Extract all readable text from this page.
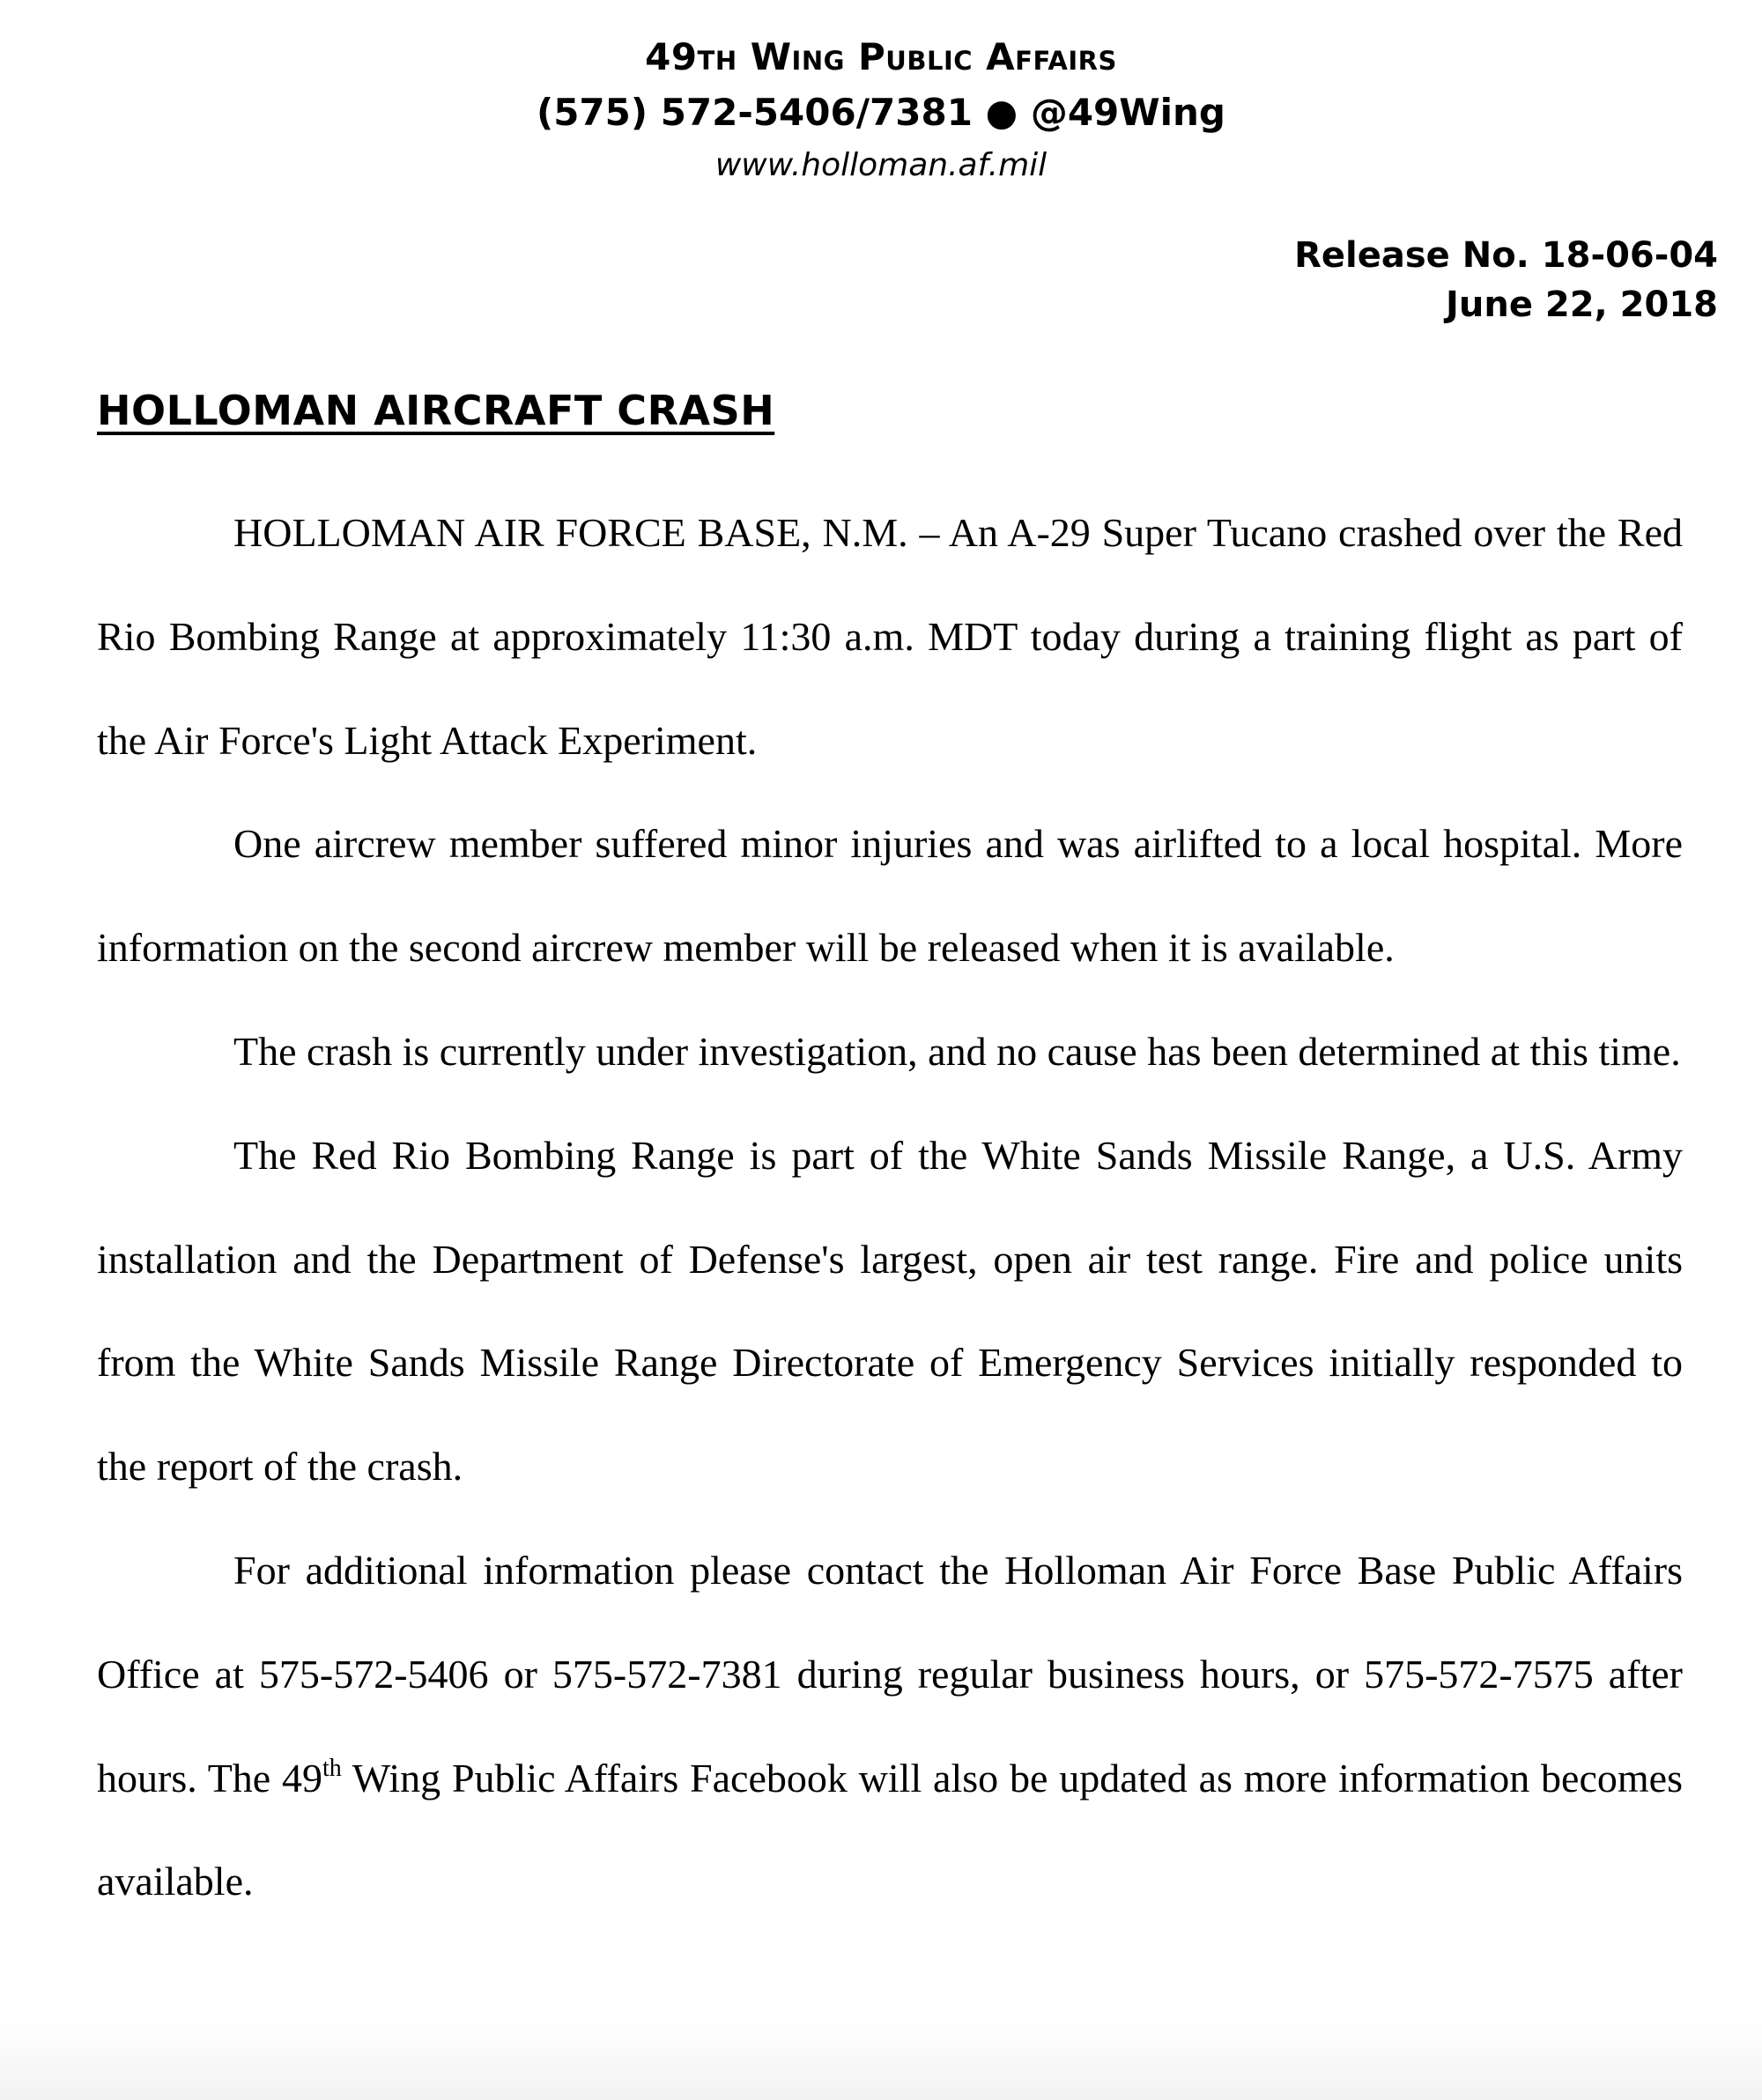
49th Wing Public Affairs
(575) 572-5406/7381 ● @49Wing
www.holloman.af.mil
Release No. 18-06-04
June 22, 2018
HOLLOMAN AIRCRAFT CRASH

HOLLOMAN AIR FORCE BASE, N.M. – An A-29 Super Tucano crashed over the Red Rio Bombing Range at approximately 11:30 a.m. MDT today during a training flight as part of the Air Force's Light Attack Experiment.

One aircrew member suffered minor injuries and was airlifted to a local hospital. More information on the second aircrew member will be released when it is available.

The crash is currently under investigation, and no cause has been determined at this time.

The Red Rio Bombing Range is part of the White Sands Missile Range, a U.S. Army installation and the Department of Defense's largest, open air test range. Fire and police units from the White Sands Missile Range Directorate of Emergency Services initially responded to the report of the crash.

For additional information please contact the Holloman Air Force Base Public Affairs Office at 575-572-5406 or 575-572-7381 during regular business hours, or 575-572-7575 after hours. The 49th Wing Public Affairs Facebook will also be updated as more information becomes available.
